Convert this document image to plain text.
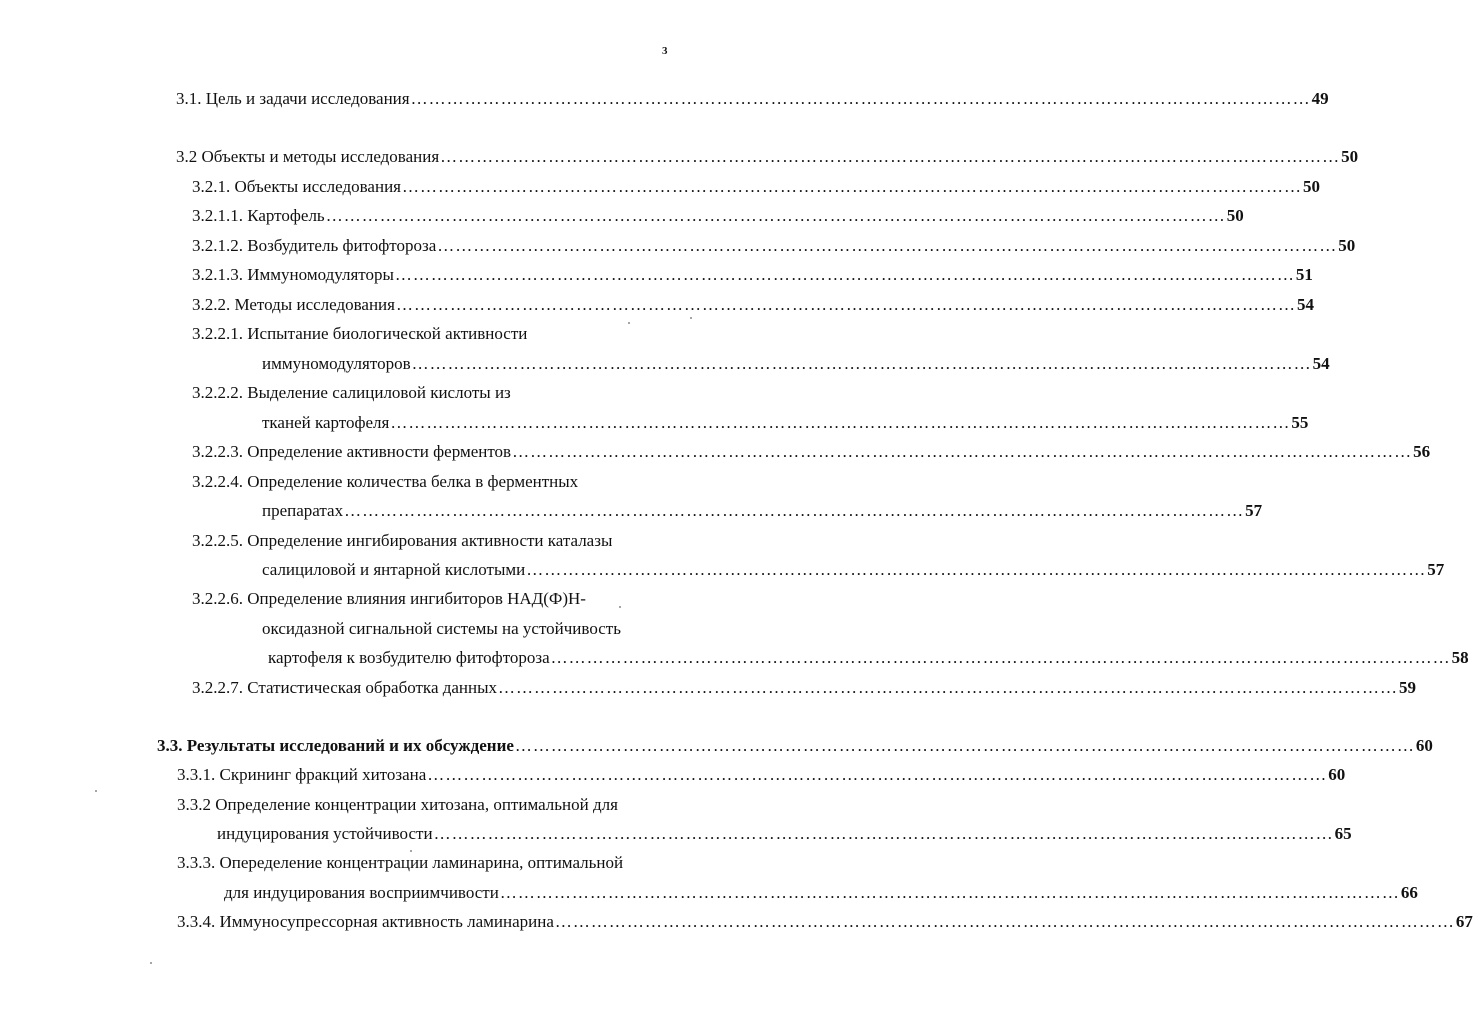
3
3.1. Цель и задачи исследования …………………………………………………………………………………………………………………………………… 49
3.2 Объекты и методы исследования …………………………………………………………………………………………………………………………………… 50
3.2.1. Объекты исследования …………………………………………………………………………………………………………………………………… 50
3.2.1.1. Картофель …………………………………………………………………………………………………………………………………… 50
3.2.1.2. Возбудитель фитофтороза …………………………………………………………………………………………………………………………………… 50
3.2.1.3. Иммуномодуляторы …………………………………………………………………………………………………………………………………… 51
3.2.2. Методы исследования …………………………………………………………………………………………………………………………………… 54
3.2.2.1. Испытание биологической активности
иммуномодуляторов …………………………………………………………………………………………………………………………………… 54
3.2.2.2. Выделение салициловой кислоты из
тканей картофеля …………………………………………………………………………………………………………………………………… 55
3.2.2.3. Определение активности ферментов …………………………………………………………………………………………………………………………………… 56
3.2.2.4. Определение количества белка в ферментных
препаратах …………………………………………………………………………………………………………………………………… 57
3.2.2.5. Определение ингибирования активности каталазы
салициловой и янтарной кислотыми …………………………………………………………………………………………………………………………………… 57
3.2.2.6. Определение влияния ингибиторов НАД(Ф)Н-
оксидазной сигнальной системы на устойчивость
картофеля к возбудителю фитофтороза …………………………………………………………………………………………………………………………………… 58
3.2.2.7. Статистическая обработка данных …………………………………………………………………………………………………………………………………… 59
3.3. Результаты исследований и их обсуждение …………………………………………………………………………………………………………………………………… 60
3.3.1. Скрининг фракций хитозана …………………………………………………………………………………………………………………………………… 60
3.3.2 Определение концентрации хитозана, оптимальной для
индуцирования устойчивости …………………………………………………………………………………………………………………………………… 65
3.3.3. Опеределение концентрации ламинарина, оптимальной
для индуцирования восприимчивости …………………………………………………………………………………………………………………………………… 66
3.3.4. Иммуносупрессорная активность ламинарина …………………………………………………………………………………………………………………………………… 67
